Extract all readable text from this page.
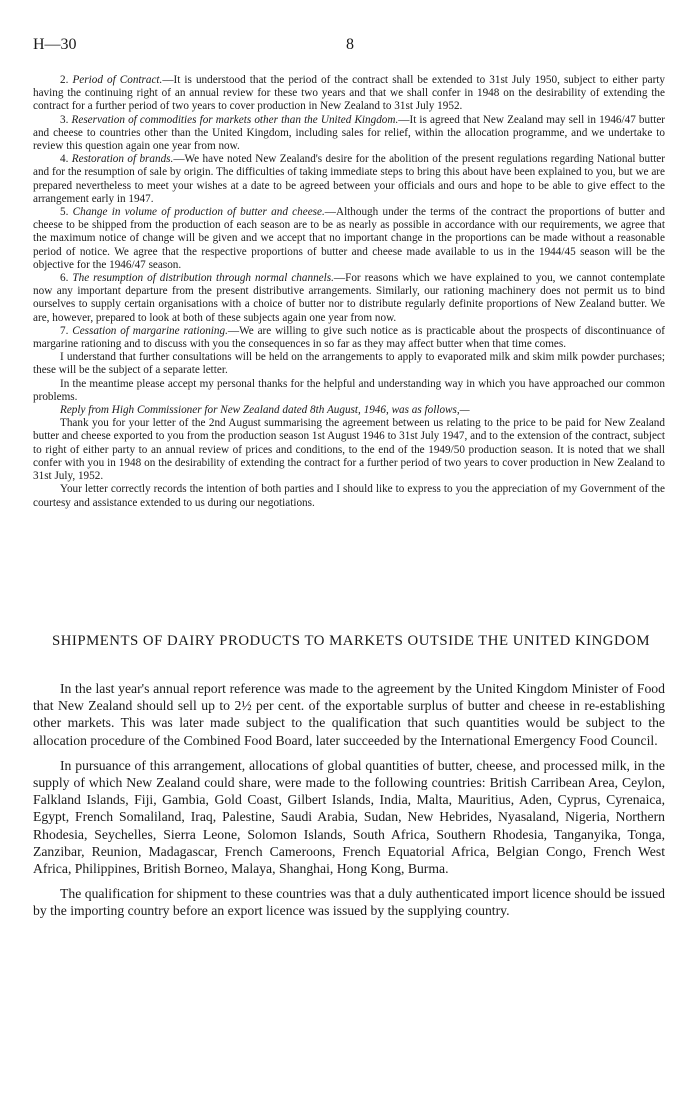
H—30	8

2. Period of Contract.—It is understood that the period of the contract shall be extended to 31st July 1950, subject to either party having the continuing right of an annual review for these two years and that we shall confer in 1948 on the desirability of extending the contract for a further period of two years to cover production in New Zealand to 31st July 1952.

3. Reservation of commodities for markets other than the United Kingdom.—It is agreed that New Zealand may sell in 1946/47 butter and cheese to countries other than the United Kingdom, including sales for relief, within the allocation programme, and we undertake to review this question again one year from now.

4. Restoration of brands.—We have noted New Zealand's desire for the abolition of the present regulations regarding National butter and for the resumption of sale by origin. The difficulties of taking immediate steps to bring this about have been explained to you, but we are prepared nevertheless to meet your wishes at a date to be agreed between your officials and ours and hope to be able to give effect to the arrangement early in 1947.

5. Change in volume of production of butter and cheese.—Although under the terms of the contract the proportions of butter and cheese to be shipped from the production of each season are to be as nearly as possible in accordance with our requirements, we agree that the maximum notice of change will be given and we accept that no important change in the proportions can be made without a reasonable period of notice. We agree that the respective proportions of butter and cheese made available to us in the 1944/45 season will be the objective for the 1946/47 season.

6. The resumption of distribution through normal channels.—For reasons which we have explained to you, we cannot contemplate now any important departure from the present distributive arrangements. Similarly, our rationing machinery does not permit us to bind ourselves to supply certain organisations with a choice of butter nor to distribute regularly definite proportions of New Zealand butter. We are, however, prepared to look at both of these subjects again one year from now.

7. Cessation of margarine rationing.—We are willing to give such notice as is practicable about the prospects of discontinuance of margarine rationing and to discuss with you the consequences in so far as they may affect butter when that time comes.

I understand that further consultations will be held on the arrangements to apply to evaporated milk and skim milk powder purchases; these will be the subject of a separate letter.

In the meantime please accept my personal thanks for the helpful and understanding way in which you have approached our common problems.

Reply from High Commissioner for New Zealand dated 8th August, 1946, was as follows,—

Thank you for your letter of the 2nd August summarising the agreement between us relating to the price to be paid for New Zealand butter and cheese exported to you from the production season 1st August 1946 to 31st July 1947, and to the extension of the contract, subject to right of either party to an annual review of prices and conditions, to the end of the 1949/50 production season. It is noted that we shall confer with you in 1948 on the desirability of extending the contract for a further period of two years to cover production in New Zealand to 31st July, 1952.

Your letter correctly records the intention of both parties and I should like to express to you the appreciation of my Government of the courtesy and assistance extended to us during our negotiations.

SHIPMENTS OF DAIRY PRODUCTS TO MARKETS OUTSIDE THE UNITED KINGDOM

In the last year's annual report reference was made to the agreement by the United Kingdom Minister of Food that New Zealand should sell up to 2½ per cent. of the exportable surplus of butter and cheese in re-establishing other markets. This was later made subject to the qualification that such quantities would be subject to the allocation procedure of the Combined Food Board, later succeeded by the International Emergency Food Council.

In pursuance of this arrangement, allocations of global quantities of butter, cheese, and processed milk, in the supply of which New Zealand could share, were made to the following countries: British Carribean Area, Ceylon, Falkland Islands, Fiji, Gambia, Gold Coast, Gilbert Islands, India, Malta, Mauritius, Aden, Cyprus, Cyrenaica, Egypt, French Somaliland, Iraq, Palestine, Saudi Arabia, Sudan, New Hebrides, Nyasaland, Nigeria, Northern Rhodesia, Seychelles, Sierra Leone, Solomon Islands, South Africa, Southern Rhodesia, Tanganyika, Tonga, Zanzibar, Reunion, Madagascar, French Cameroons, French Equatorial Africa, Belgian Congo, French West Africa, Philippines, British Borneo, Malaya, Shanghai, Hong Kong, Burma.

The qualification for shipment to these countries was that a duly authenticated import licence should be issued by the importing country before an export licence was issued by the supplying country.
